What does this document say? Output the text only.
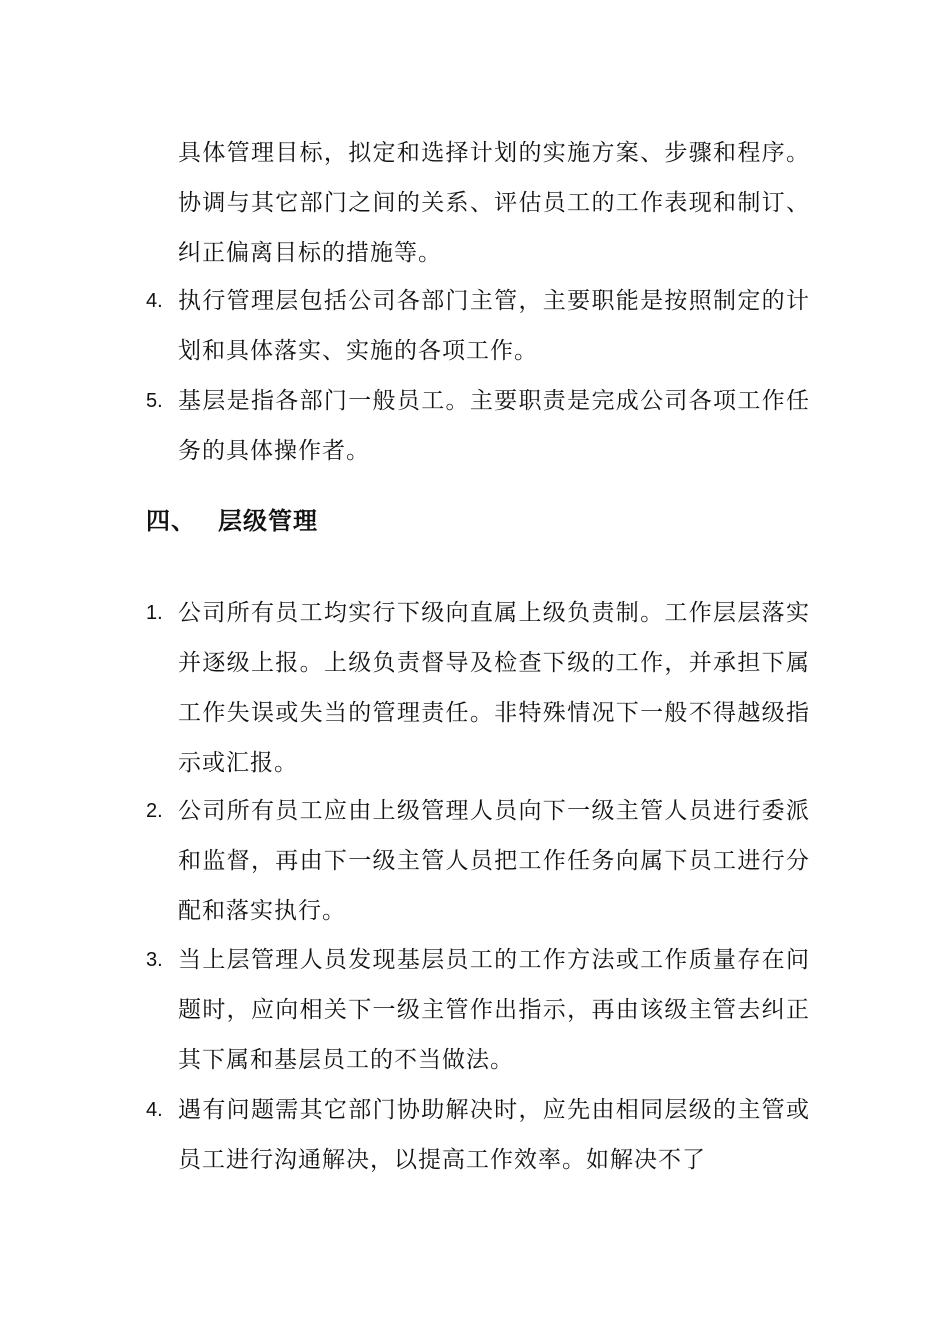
具体管理目标，拟定和选择计划的实施方案、步骤和程序。协调与其它部门之间的关系、评估员工的工作表现和制订、纠正偏离目标的措施等。
4. 执行管理层包括公司各部门主管，主要职能是按照制定的计划和具体落实、实施的各项工作。
5. 基层是指各部门一般员工。主要职责是完成公司各项工作任务的具体操作者。
四、 层级管理
1. 公司所有员工均实行下级向直属上级负责制。工作层层落实并逐级上报。上级负责督导及检查下级的工作，并承担下属工作失误或失当的管理责任。非特殊情况下一般不得越级指示或汇报。
2. 公司所有员工应由上级管理人员向下一级主管人员进行委派和监督，再由下一级主管人员把工作任务向属下员工进行分配和落实执行。
3. 当上层管理人员发现基层员工的工作方法或工作质量存在问题时，应向相关下一级主管作出指示，再由该级主管去纠正其下属和基层员工的不当做法。
4. 遇有问题需其它部门协助解决时，应先由相同层级的主管或员工进行沟通解决，以提高工作效率。如解决不了
